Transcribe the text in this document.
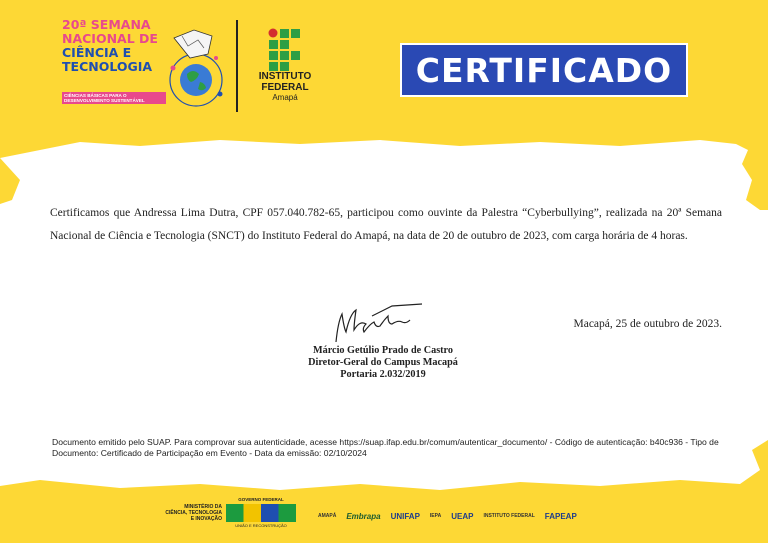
20ª SEMANA
NACIONAL DE
CIÊNCIA E
TECNOLOGIA
CIÊNCIAS BÁSICAS PARA O DESENVOLVIMENTO SUSTENTÁVEL
INSTITUTO
FEDERAL
Amapá
CERTIFICADO
Certificamos que Andressa Lima Dutra, CPF 057.040.782-65, participou como ouvinte da Palestra “Cyberbullying”, realizada na 20ª Semana Nacional de Ciência e Tecnologia (SNCT) do Instituto Federal do Amapá, na data de 20 de outubro de 2023, com carga horária de 4 horas.
Macapá, 25 de outubro de 2023.
Márcio Getúlio Prado de Castro
Diretor-Geral do Campus Macapá
Portaria 2.032/2019
Documento emitido pelo SUAP. Para comprovar sua autenticidade, acesse https://suap.ifap.edu.br/comum/autenticar_documento/ - Código de autenticação: b40c936 - Tipo de Documento: Certificado de Participação em Evento - Data da emissão: 02/10/2024
MINISTÉRIO DA
CIÊNCIA, TECNOLOGIA
E INOVAÇÃO
GOVERNO FEDERAL
UNIÃO E RECONSTRUÇÃO
AMAPÁ Embrapa UNIFAP IEPA UEAP INSTITUTO FEDERAL FAPEAP
